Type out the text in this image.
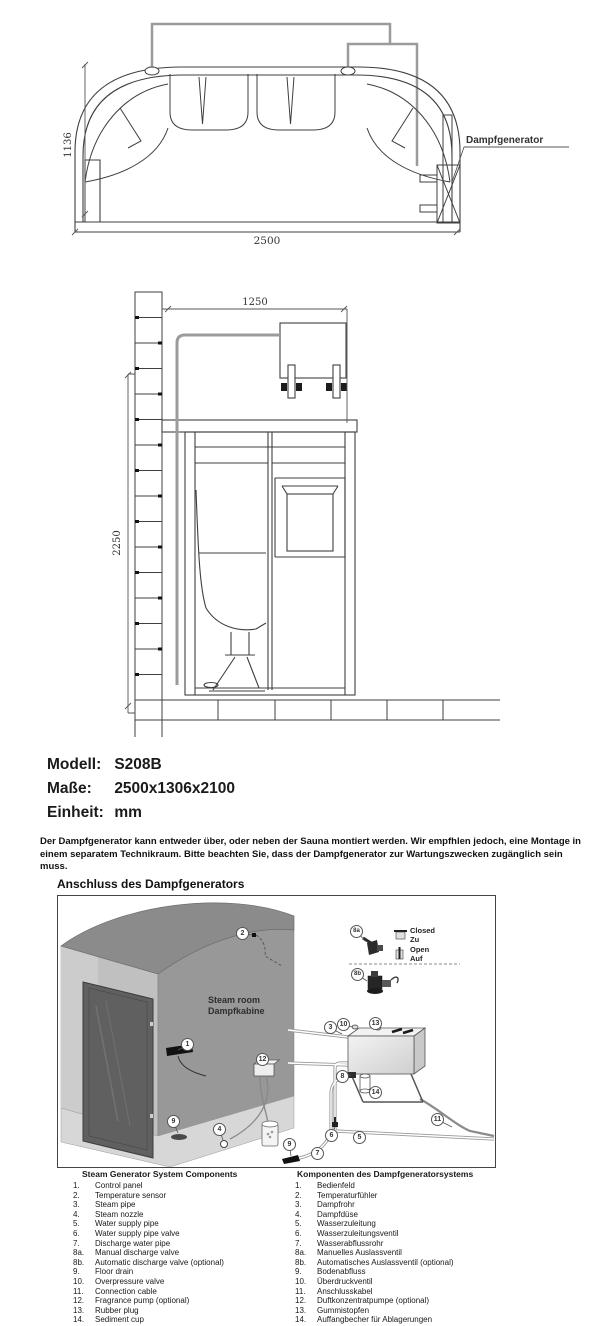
1136
2500
Dampfgenerator
1250
2250
Modell: S208B
Maße: 2500x1306x2100
Einheit: mm
Der Dampfgenerator kann entweder über, oder neben der Sauna montiert werden. Wir empfhlen jedoch, eine Montage in einem separatem Technikraum. Bitte beachten Sie, dass der Dampfgenerator zur Wartungszwecken zugänglich sein muss.
Anschluss des Dampfgenerators
Steam room
Dampfkabine
Closed
Zu
Open
Auf
1
2
3
4
5
6
7
8
8a
8b
9
9
10
11
12
13
14
Steam Generator System Components
1. Control panel
2. Temperature sensor
3. Steam pipe
4. Steam nozzle
5. Water supply pipe
6. Water supply pipe valve
7. Discharge water pipe
8a. Manual discharge valve
8b. Automatic discharge valve (optional)
9. Floor drain
10. Overpressure valve
11. Connection cable
12. Fragrance pump (optional)
13. Rubber plug
14. Sediment cup
Komponenten des Dampfgeneratorsystems
1. Bedienfeld
2. Temperaturfühler
3. Dampfrohr
4. Dampfdüse
5. Wasserzuleitung
6. Wasserzuleitungsventil
7. Wasserabflussrohr
8a. Manuelles Auslassventil
8b. Automatisches Auslassventil (optional)
9. Bodenabfluss
10. Überdruckventil
11. Anschlusskabel
12. Duftkonzentratpumpe (optional)
13. Gummistopfen
14. Auffangbecher für Ablagerungen
